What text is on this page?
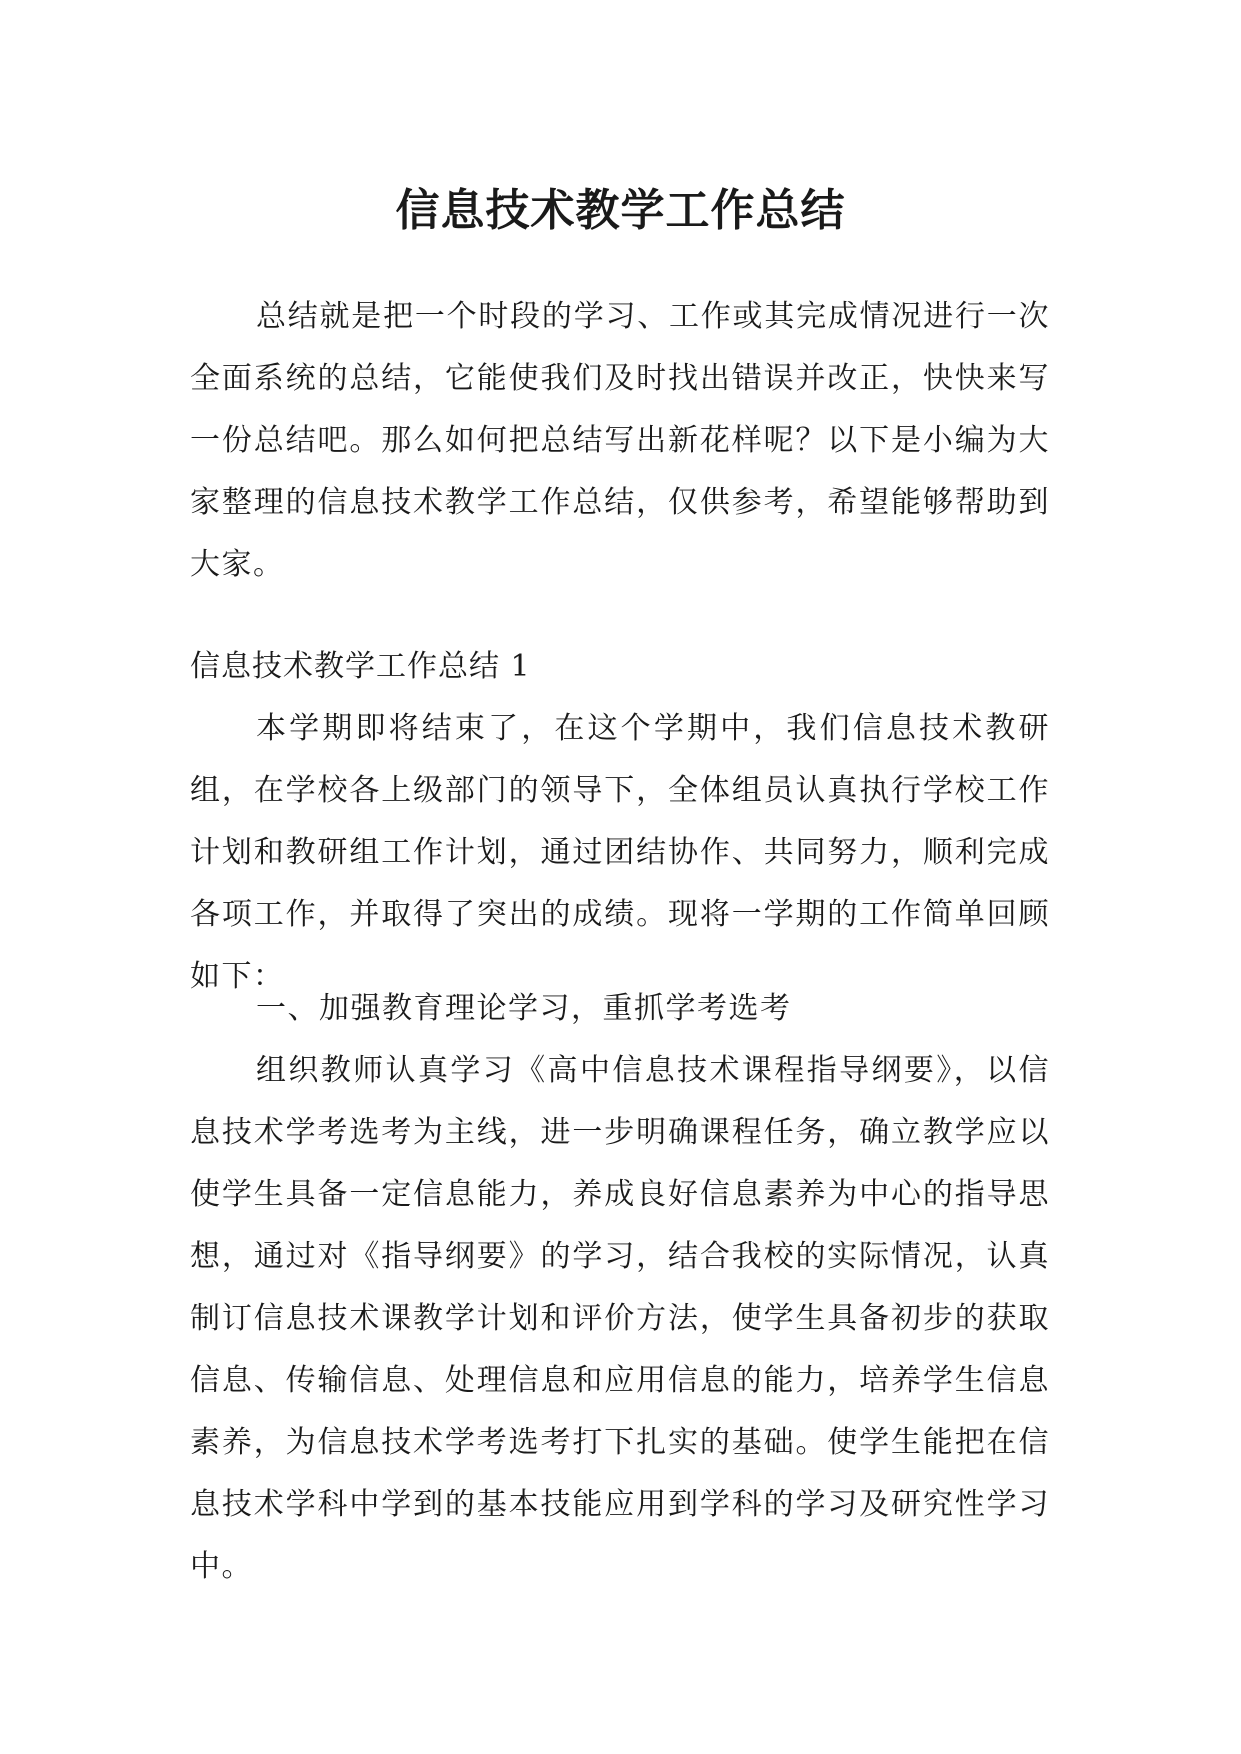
信息技术教学工作总结

总结就是把一个时段的学习、工作或其完成情况进行一次全面系统的总结，它能使我们及时找出错误并改正，快快来写一份总结吧。那么如何把总结写出新花样呢？以下是小编为大家整理的信息技术教学工作总结，仅供参考，希望能够帮助到大家。

信息技术教学工作总结 1

本学期即将结束了，在这个学期中，我们信息技术教研组，在学校各上级部门的领导下，全体组员认真执行学校工作计划和教研组工作计划，通过团结协作、共同努力，顺利完成各项工作，并取得了突出的成绩。现将一学期的工作简单回顾如下：

一、加强教育理论学习，重抓学考选考

组织教师认真学习《高中信息技术课程指导纲要》，以信息技术学考选考为主线，进一步明确课程任务，确立教学应以使学生具备一定信息能力，养成良好信息素养为中心的指导思想，通过对《指导纲要》的学习，结合我校的实际情况，认真制订信息技术课教学计划和评价方法，使学生具备初步的获取信息、传输信息、处理信息和应用信息的能力，培养学生信息素养，为信息技术学考选考打下扎实的基础。使学生能把在信息技术学科中学到的基本技能应用到学科的学习及研究性学习中。
